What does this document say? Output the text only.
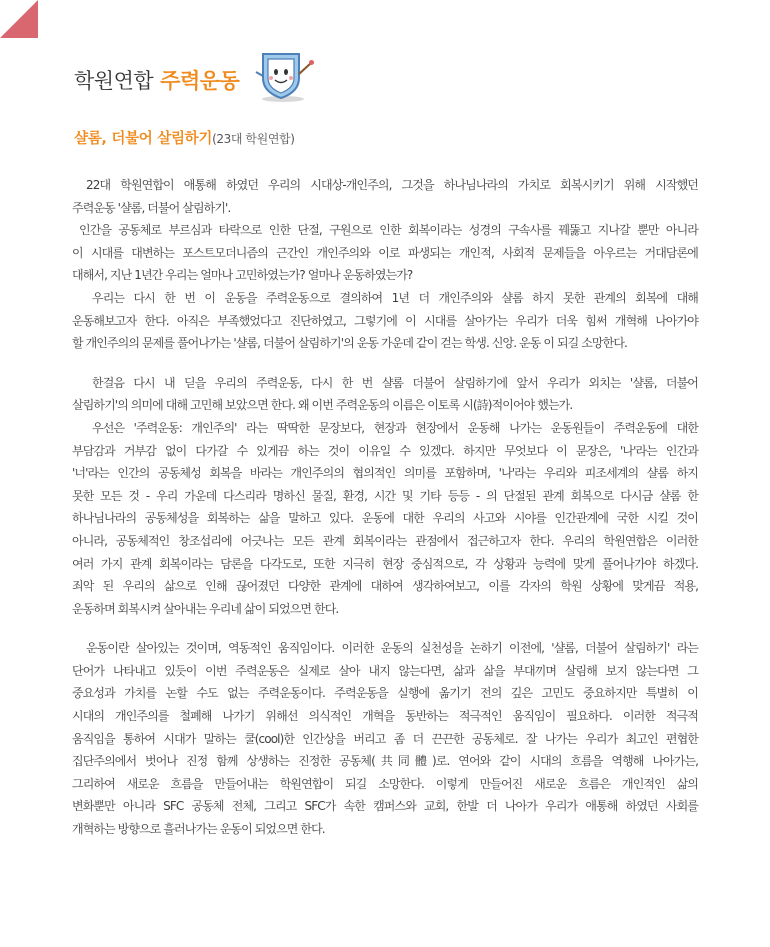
학원연합 주력운동
샬롬, 더불어 살림하기(23대 학원연합)
22대 학원연합이 애통해 하였던 우리의 시대상-개인주의, 그것을 하나님나라의 가치로 회복시키기 위해 시작했던
주력운동 '샬롬, 더불어 살림하기'.
인간을 공동체로 부르심과 타락으로 인한 단절, 구원으로 인한 회복이라는 성경의 구속사를 꿰뚫고 지나갈 뿐만 아니라
이 시대를 대변하는 포스트모더니즘의 근간인 개인주의와 이로 파생되는 개인적, 사회적 문제들을 아우르는 거대담론에
대해서, 지난 1년간 우리는 얼마나 고민하였는가? 얼마나 운동하였는가?
우리는 다시 한 번 이 운동을 주력운동으로 결의하여 1년 더 개인주의와 샬롬 하지 못한 관계의 회복에 대해
운동해보고자 한다. 아직은 부족했었다고 진단하였고, 그렇기에 이 시대를 살아가는 우리가 더욱 힘써 개혁해 나아가야
할 개인주의의 문제를 풀어나가는 '샬롬, 더불어 살림하기'의 운동 가운데 같이 걷는 학생. 신앙. 운동 이 되길 소망한다.
한걸음 다시 내 딛을 우리의 주력운동, 다시 한 번 샬롬 더불어 살림하기에 앞서 우리가 외치는 '샬롬, 더불어
살림하기'의 의미에 대해 고민해 보았으면 한다. 왜 이번 주력운동의 이름은 이토록 시(詩)적이어야 했는가.
우선은 '주력운동: 개인주의' 라는 딱딱한 문장보다, 현장과 현장에서 운동해 나가는 운동원들이 주력운동에 대한
부담감과 거부감 없이 다가갈 수 있게끔 하는 것이 이유일 수 있겠다. 하지만 무엇보다 이 문장은, '나'라는 인간과
'너'라는 인간의 공동체성 회복을 바라는 개인주의의 협의적인 의미를 포함하며, '나'라는 우리와 피조세계의 샬롬 하지
못한 모든 것 - 우리 가운데 다스리라 명하신 물질, 환경, 시간 및 기타 등등 - 의 단절된 관계 회복으로 다시금 샬롬 한
하나님나라의 공동체성을 회복하는 삶을 말하고 있다. 운동에 대한 우리의 사고와 시야를 인간관계에 국한 시킬 것이
아니라, 공동체적인 창조섭리에 어긋나는 모든 관계 회복이라는 관점에서 접근하고자 한다. 우리의 학원연합은 이러한
여러 가지 관계 회복이라는 담론을 다각도로, 또한 지극히 현장 중심적으로, 각 상황과 능력에 맞게 풀어나가야 하겠다.
죄악 된 우리의 삶으로 인해 끊어졌던 다양한 관계에 대하여 생각하여보고, 이를 각자의 학원 상황에 맞게끔 적용,
운동하며 회복시켜 살아내는 우리네 삶이 되었으면 한다.
운동이란 살아있는 것이며, 역동적인 움직임이다. 이러한 운동의 실천성을 논하기 이전에, '샬롬, 더불어 살림하기' 라는
단어가 나타내고 있듯이 이번 주력운동은 실제로 살아 내지 않는다면, 삶과 삶을 부대끼며 살림해 보지 않는다면 그
중요성과 가치를 논할 수도 없는 주력운동이다. 주력운동을 실행에 옮기기 전의 깊은 고민도 중요하지만 특별히 이
시대의 개인주의를 철폐해 나가기 위해선 의식적인 개혁을 동반하는 적극적인 움직임이 필요하다. 이러한 적극적
움직임을 통하여 시대가 말하는 쿨(cool)한 인간상을 버리고 좀 더 끈끈한 공동체로. 잘 나가는 우리가 최고인 편협한
집단주의에서 벗어나 진정 함께 상생하는 진정한 공동체(共同體)로. 연어와 같이 시대의 흐름을 역행해 나아가는,
그리하여 새로운 흐름을 만들어내는 학원연합이 되길 소망한다. 이렇게 만들어진 새로운 흐름은 개인적인 삶의
변화뿐만 아니라 SFC 공동체 전체, 그리고 SFC가 속한 캠퍼스와 교회, 한발 더 나아가 우리가 애통해 하였던 사회를
개혁하는 방향으로 흘러나가는 운동이 되었으면 한다.
